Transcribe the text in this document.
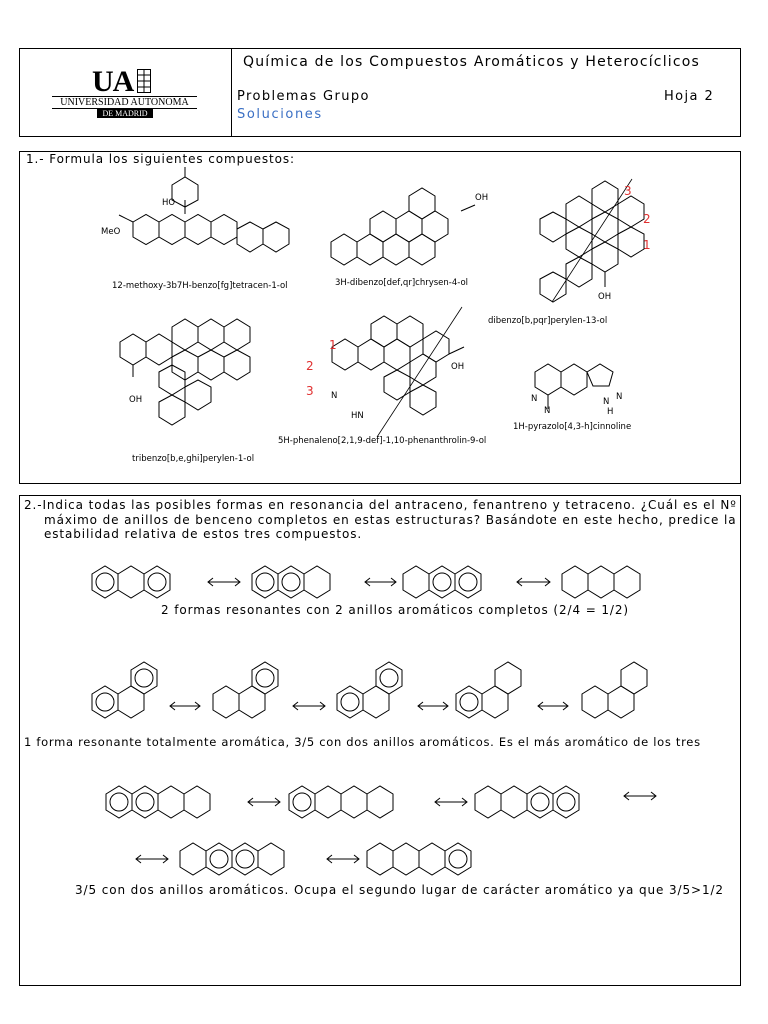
UA
UNIVERSIDAD AUTONOMA
DE MADRID
Química de los Compuestos Aromáticos y Heterocíclicos
Problemas Grupo	Hoja 2
Soluciones
1.- Formula los siguientes compuestos:
HO
MeO
12-methoxy-3b7H-benzo[fg]tetracen-1-ol
OH
3H-dibenzo[def,qr]chrysen-4-ol
OH
3
2
1
dibenzo[b,pqr]perylen-13-ol
OH
tribenzo[b,e,ghi]perylen-1-ol
OH
N
HN
1
2
3
5H-phenaleno[2,1,9-def]-1,10-phenanthrolin-9-ol
N
N
N
N
H
1H-pyrazolo[4,3-h]cinnoline
2.-Indica todas las posibles formas en resonancia del antraceno, fenantreno y tetraceno. ¿Cuál es el Nº
máximo de anillos de benceno completos en estas estructuras? Basándote en este hecho, predice la
estabilidad relativa de estos tres compuestos.
2 formas resonantes con 2 anillos aromáticos completos (2/4 = 1/2)
1 forma resonante totalmente aromática, 3/5 con dos anillos aromáticos. Es el más aromático de los tres
3/5 con dos anillos aromáticos. Ocupa el segundo lugar de carácter aromático ya que 3/5>1/2
